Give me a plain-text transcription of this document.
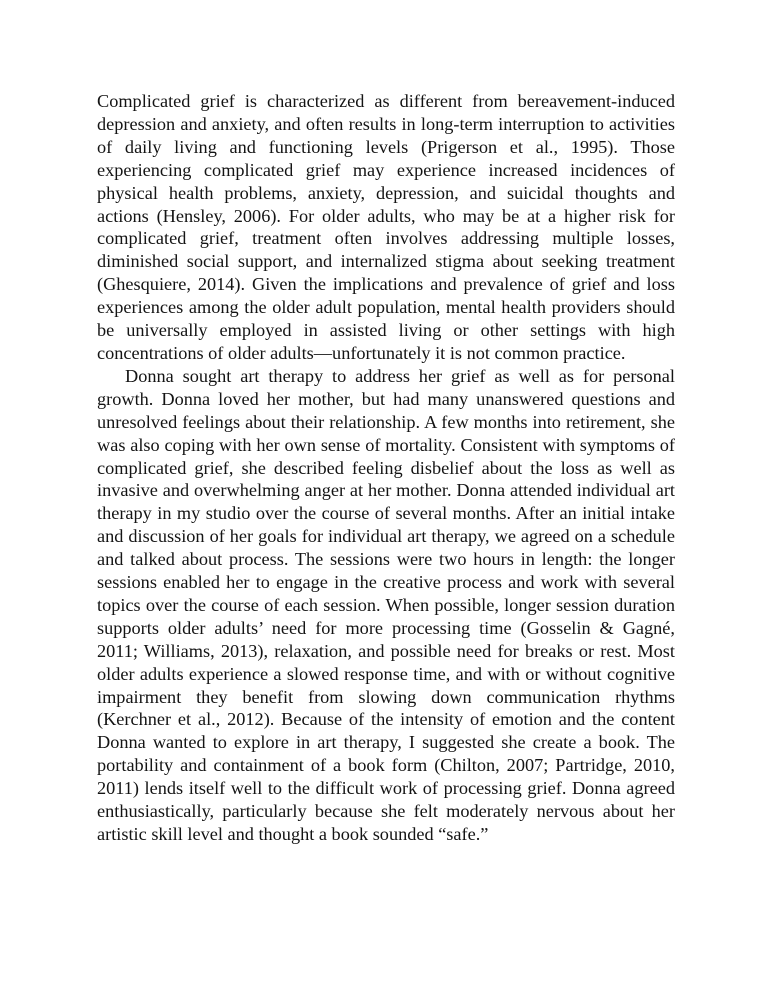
Complicated grief is characterized as different from bereavement-induced depression and anxiety, and often results in long-term interruption to activities of daily living and functioning levels (Prigerson et al., 1995). Those experiencing complicated grief may experience increased incidences of physical health problems, anxiety, depression, and suicidal thoughts and actions (Hensley, 2006). For older adults, who may be at a higher risk for complicated grief, treatment often involves addressing multiple losses, diminished social support, and internalized stigma about seeking treatment (Ghesquiere, 2014). Given the implications and prevalence of grief and loss experiences among the older adult population, mental health providers should be universally employed in assisted living or other settings with high concentrations of older adults—unfortunately it is not common practice.

Donna sought art therapy to address her grief as well as for personal growth. Donna loved her mother, but had many unanswered questions and unresolved feelings about their relationship. A few months into retirement, she was also coping with her own sense of mortality. Consistent with symptoms of complicated grief, she described feeling disbelief about the loss as well as invasive and overwhelming anger at her mother. Donna attended individual art therapy in my studio over the course of several months. After an initial intake and discussion of her goals for individual art therapy, we agreed on a schedule and talked about process. The sessions were two hours in length: the longer sessions enabled her to engage in the creative process and work with several topics over the course of each session. When possible, longer session duration supports older adults’ need for more processing time (Gosselin & Gagné, 2011; Williams, 2013), relaxation, and possible need for breaks or rest. Most older adults experience a slowed response time, and with or without cognitive impairment they benefit from slowing down communication rhythms (Kerchner et al., 2012). Because of the intensity of emotion and the content Donna wanted to explore in art therapy, I suggested she create a book. The portability and containment of a book form (Chilton, 2007; Partridge, 2010, 2011) lends itself well to the difficult work of processing grief. Donna agreed enthusiastically, particularly because she felt moderately nervous about her artistic skill level and thought a book sounded “safe.”
